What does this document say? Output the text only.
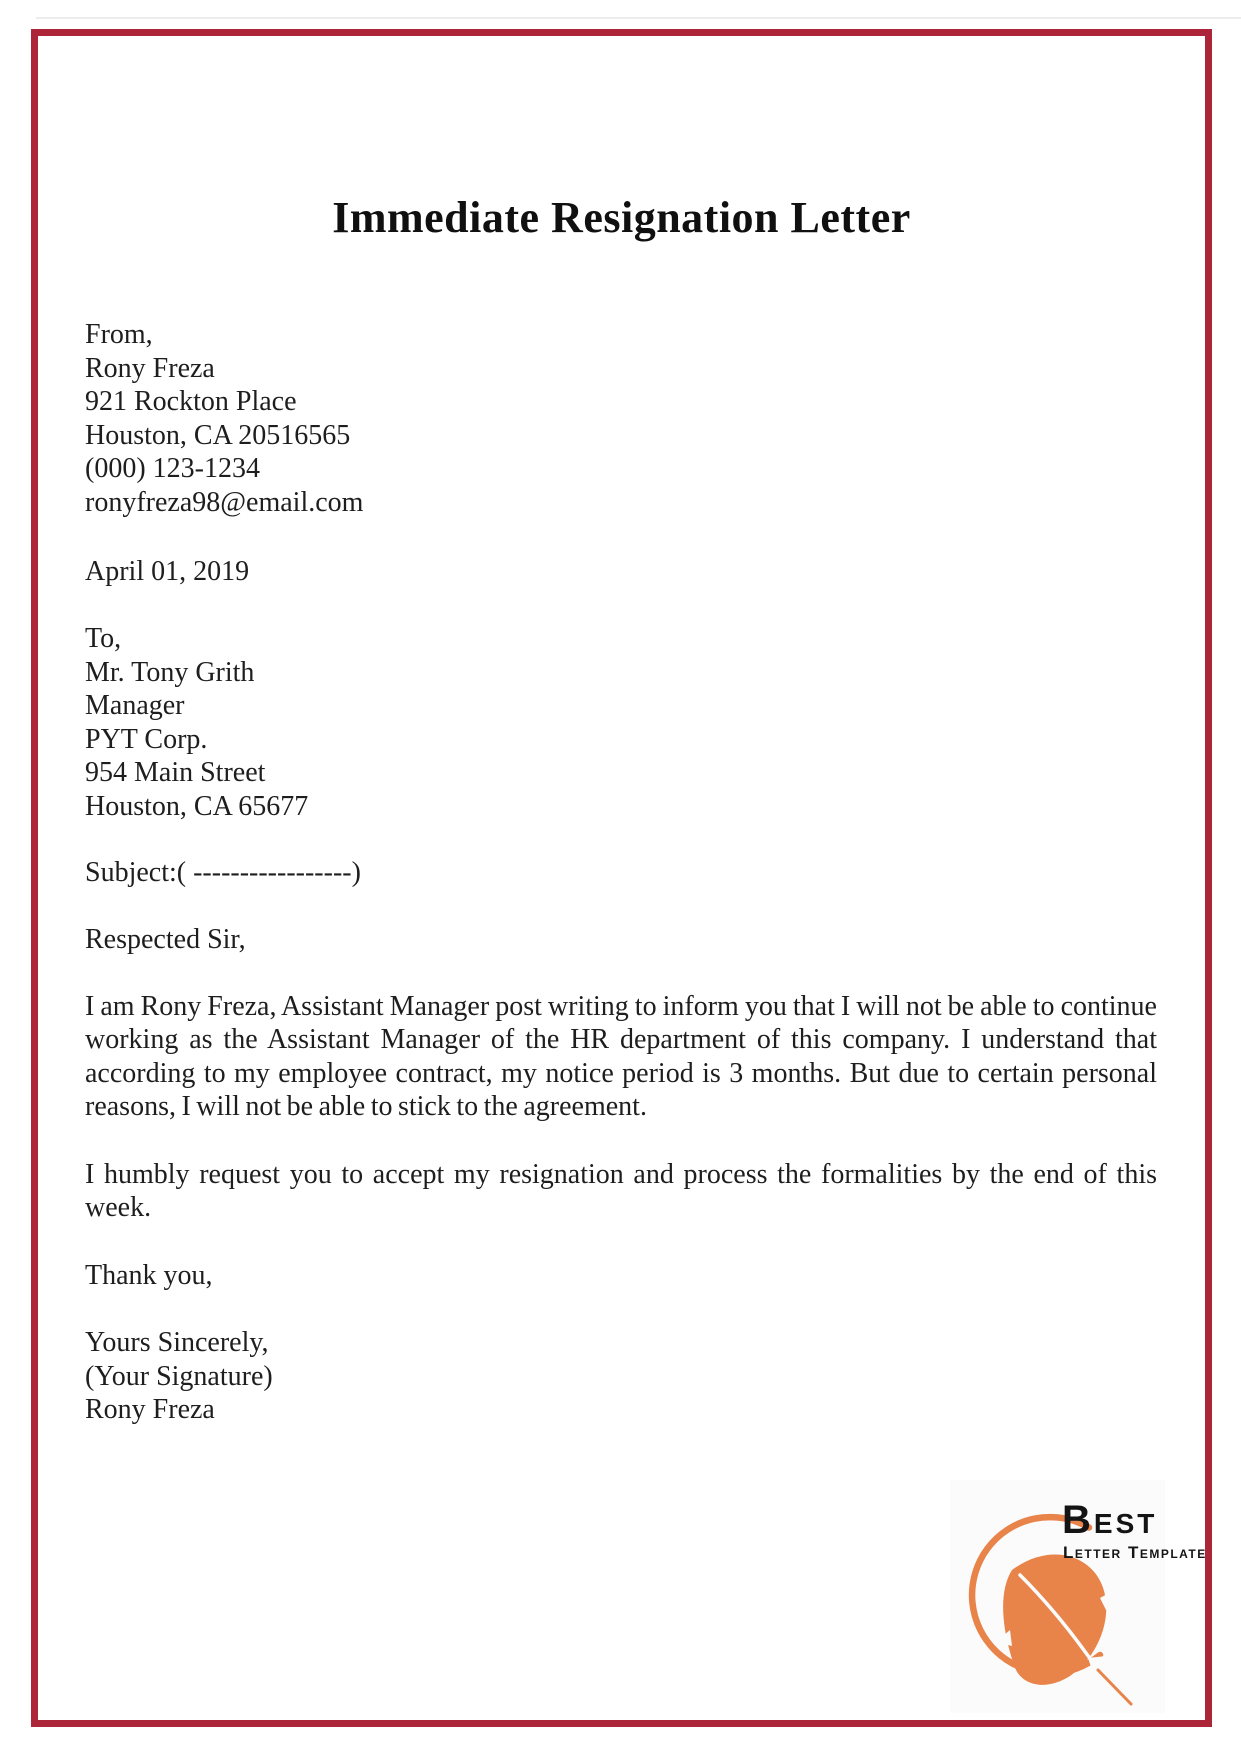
Immediate Resignation Letter
From,
Rony Freza
921 Rockton Place
Houston, CA 20516565
(000) 123-1234
ronyfreza98@email.com
April 01, 2019
To,
Mr. Tony Grith
Manager
PYT Corp.
954 Main Street
Houston, CA 65677
Subject:( -----------------)
Respected Sir,
I am Rony Freza, Assistant Manager post writing to inform you that I will not be able to continue working as the Assistant Manager of the HR department of this company. I understand that according to my employee contract, my notice period is 3 months. But due to certain personal reasons, I will not be able to stick to the agreement.
I humbly request you to accept my resignation and process the formalities by the end of this week.
Thank you,
Yours Sincerely,
(Your Signature)
Rony Freza
Best
Letter Template
